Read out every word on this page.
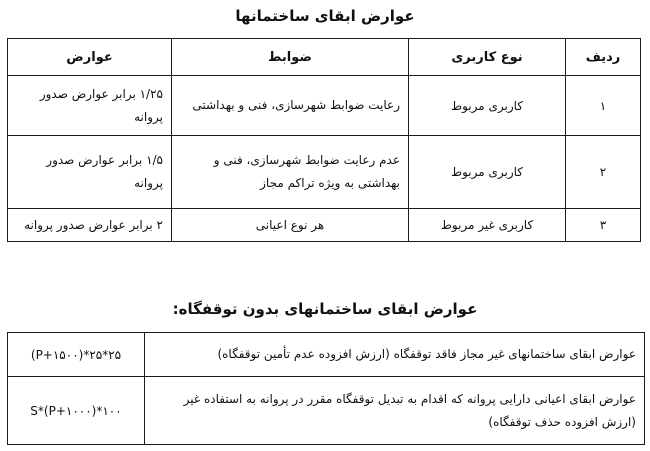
عوارض ابقای ساختمانها
ردیف	نوع کاربری	ضوابط	عوارض
۱	کاربری مربوط	رعایت ضوابط شهرسازی، فنی و بهداشتی	۱/۲۵ برابر عوارض صدور پروانه
۲	کاربری مربوط	عدم رعایت ضوابط شهرسازی، فنی و بهداشتی به ویژه تراکم مجاز	۱/۵ برابر عوارض صدور پروانه
۳	کاربری غیر مربوط	هر نوع اعیانی	۲ برابر عوارض صدور پروانه
عوارض ابقای ساختمانهای بدون توقفگاه:
عوارض ابقای ساختمانهای غیر مجاز فاقد توقفگاه (ارزش افزوده عدم تأمین توقفگاه)	(P+۱۵۰۰)*۲۵*۲۵
عوارض ابقای اعیانی دارایی پروانه که اقدام به تبدیل توقفگاه مقرر در پروانه به استفاده غیر (ارزش افزوده حذف توقفگاه)	S*(P+۱۰۰۰)*۱۰۰
